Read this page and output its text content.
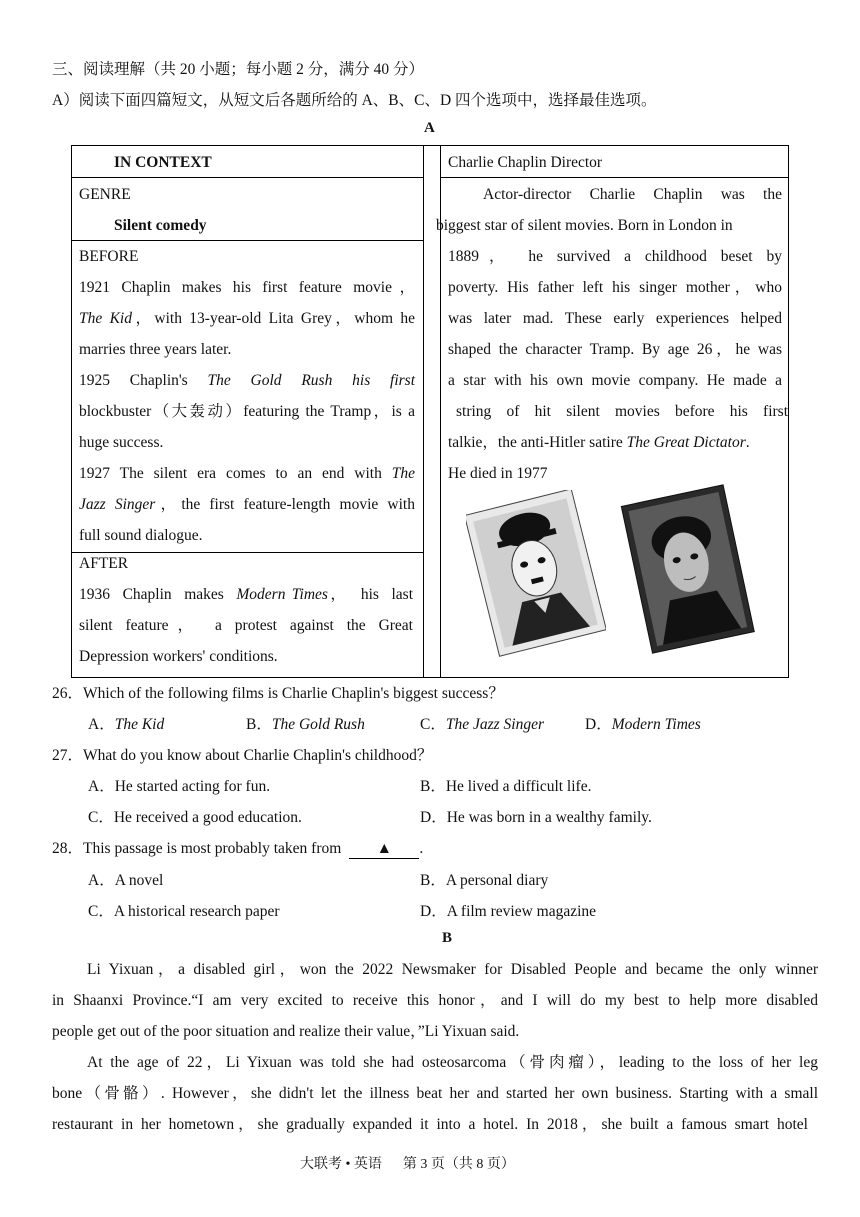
三、阅读理解（共 20 小题；每小题 2 分，满分 40 分）
A）阅读下面四篇短文，从短文后各题所给的 A、B、C、D 四个选项中，选择最佳选项。
A
IN CONTEXT
GENRE
Silent comedy
BEFORE
1921 Chaplin makes his first feature movie，
The Kid，with 13-year-old Lita Grey，whom he
marries three years later.
1925   Chaplin's   The   Gold   Rush   his   first
blockbuster（大轰动）featuring the Tramp，is a
huge success.
1927 The silent era comes to an end with The
Jazz Singer，the first feature-length movie with
full sound dialogue.
AFTER
1936  Chaplin  makes  Modern Times，  his  last
silent feature， a protest against the Great
Depression workers' conditions.
Charlie Chaplin Director
Actor-director Charlie Chaplin was the
biggest star of silent movies. Born in London in
1889， he survived a childhood beset by
poverty. His father left his singer mother，who
was later mad. These early experiences helped
shaped the character Tramp. By age 26，he was
a star with his own movie company. He made a
string of hit silent movies before his first
talkie，the anti-Hitler satire The Great Dictator.
He died in 1977
26．Which of the following films is Charlie Chaplin's biggest success？
A．The Kid	B．The Gold Rush	C．The Jazz Singer	D．Modern Times
27．What do you know about Charlie Chaplin's childhood？
A．He started acting for fun.	B．He lived a difficult life.
C．He received a good education.	D．He was born in a wealthy family.
28．This passage is most probably taken from ▲ .
A．A novel	B．A personal diary
C．A historical research paper	D．A film review magazine
B
Li Yixuan，a disabled girl，won the 2022 Newsmaker for Disabled People and became the only winner
in Shaanxi Province.“I am very excited to receive this honor，and I will do my best to help more disabled
people get out of the poor situation and realize their value，”Li Yixuan said.
At the age of 22，Li Yixuan was told she had osteosarcoma（骨肉瘤），leading to the loss of her leg
bone（骨骼）. However，she didn't let the illness beat her and started her own business. Starting with a small
restaurant in her hometown，she gradually expanded it into a hotel. In 2018，she built a famous smart hotel
大联考 • 英语      第 3 页（共 8 页）
